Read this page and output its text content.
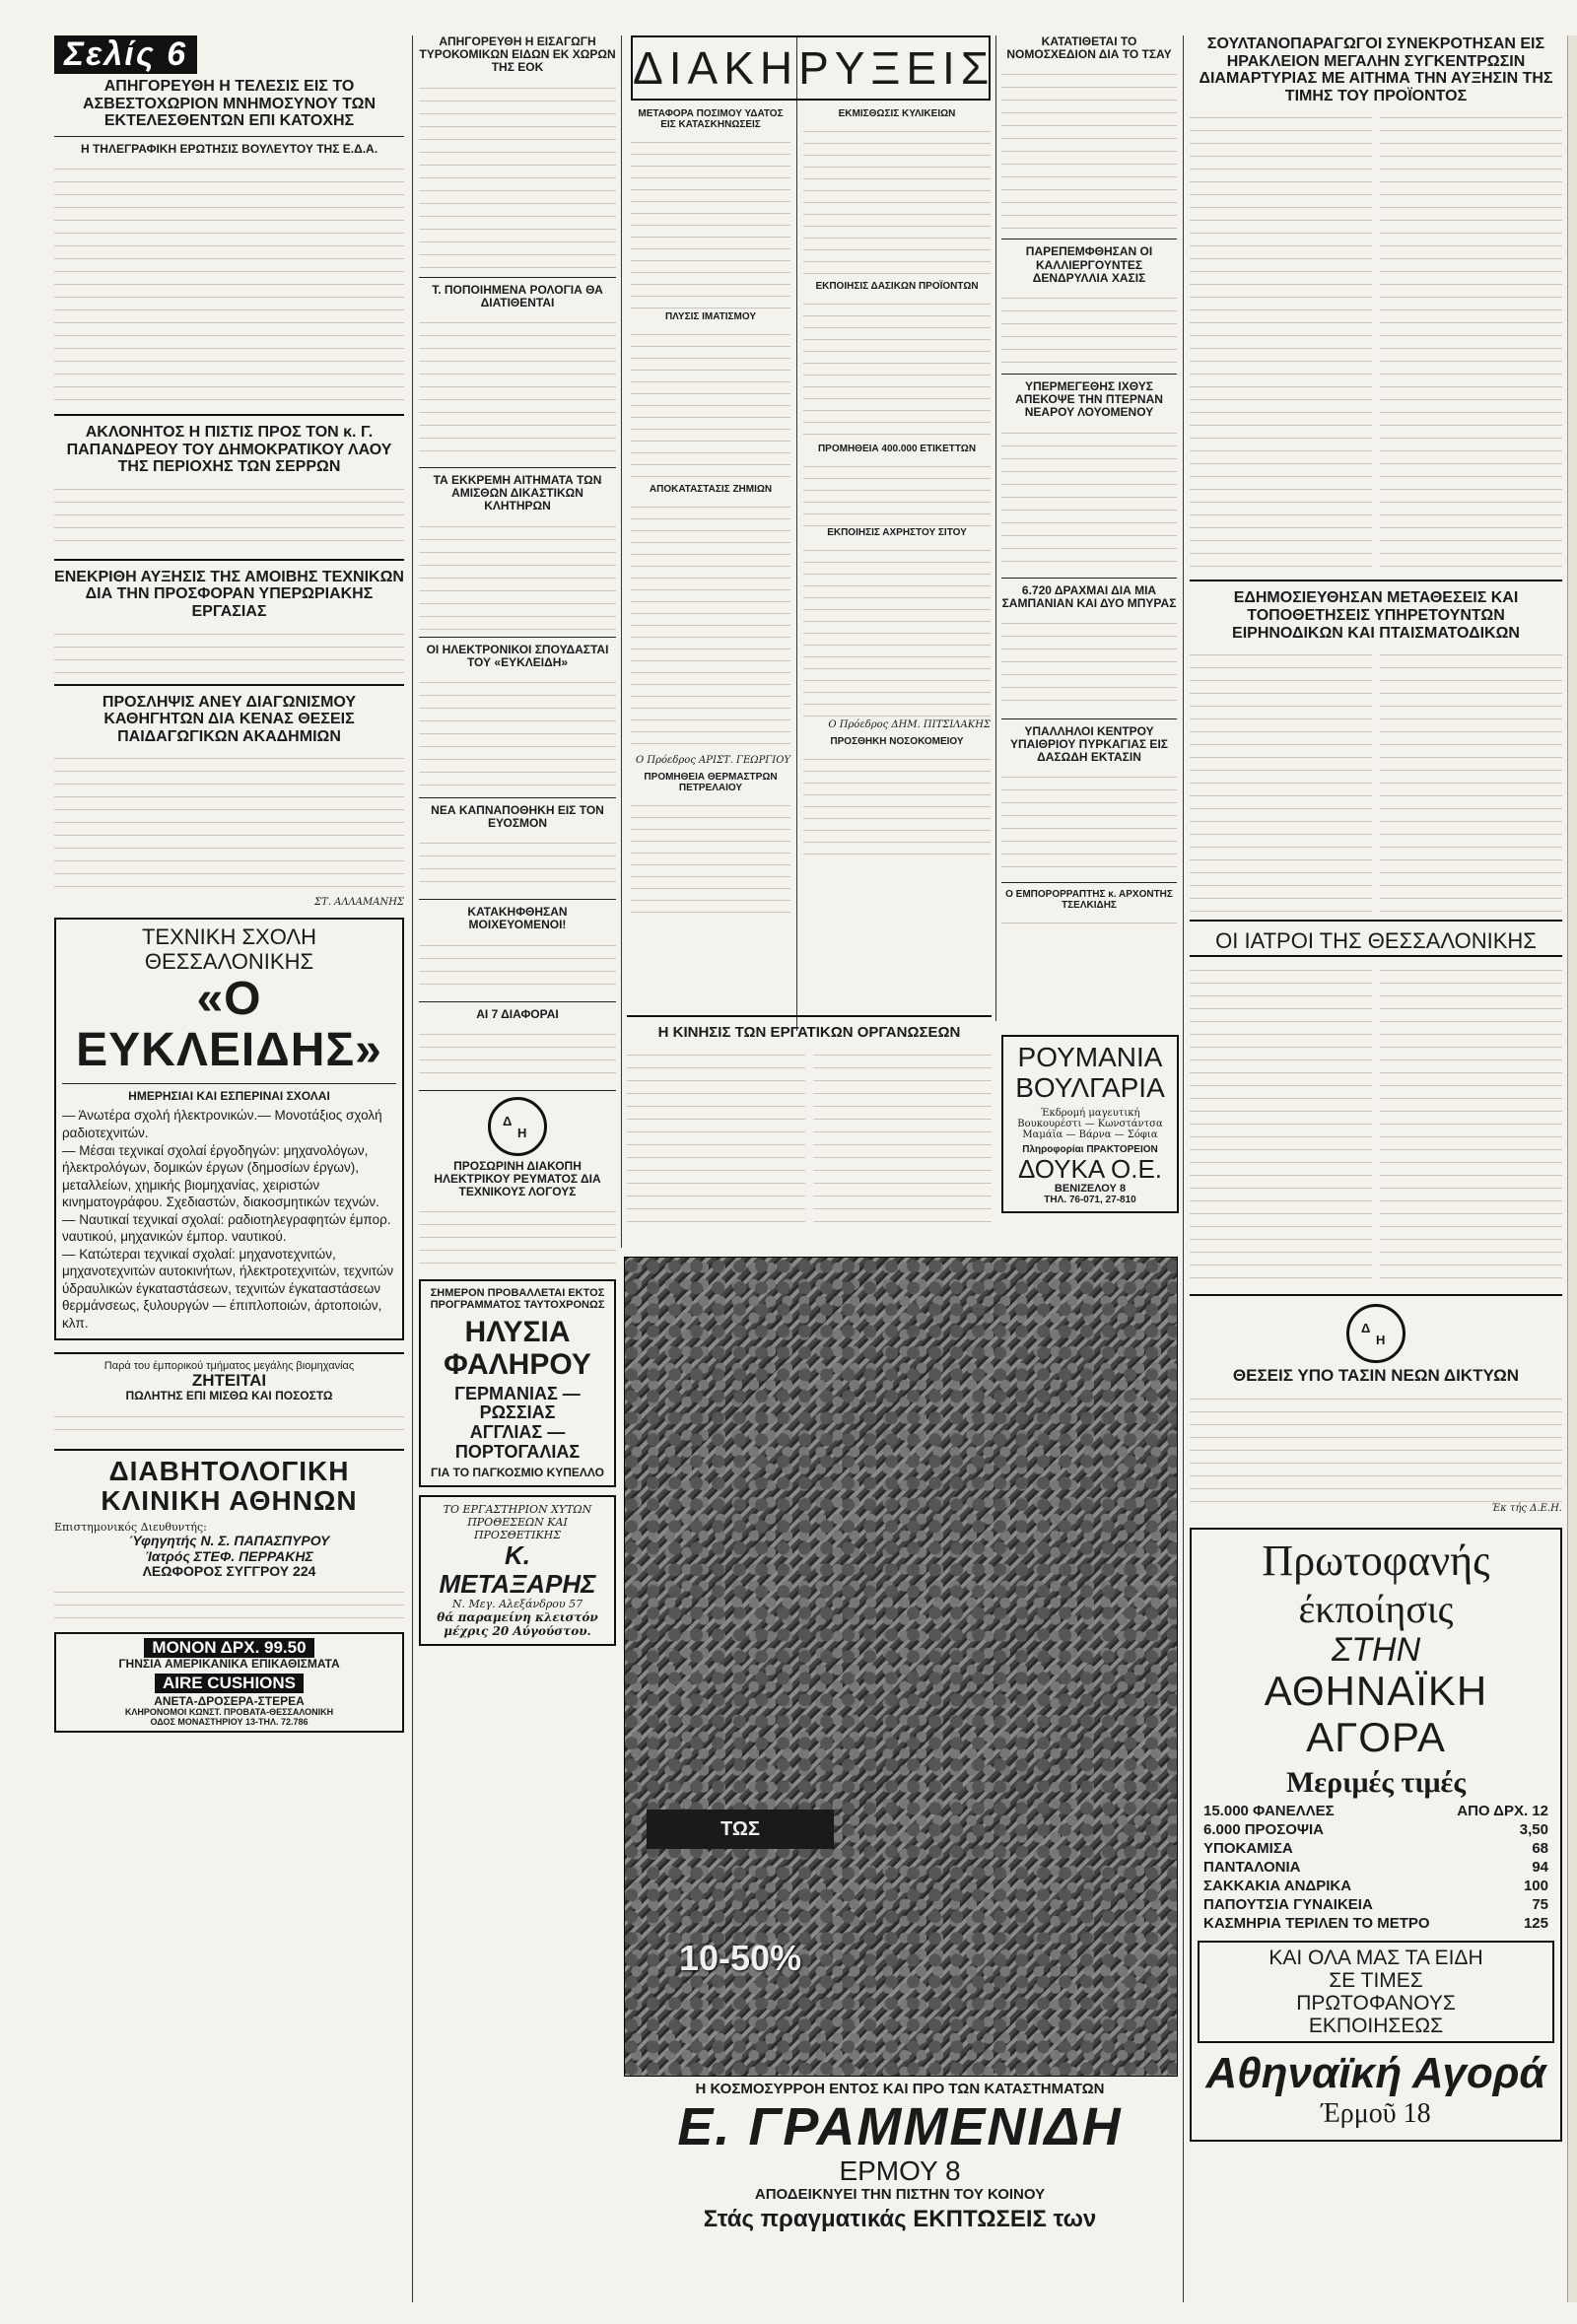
Σελίς 6
ΑΠΗΓΟΡΕΥΘΗ Η ΤΕΛΕΣΙΣ ΕΙΣ ΤΟ ΑΣΒΕΣΤΟΧΩΡΙΟΝ ΜΝΗΜΟΣΥΝΟΥ ΤΩΝ ΕΚΤΕΛΕΣΘΕΝΤΩΝ ΕΠΙ ΚΑΤΟΧΗΣ
Η ΤΗΛΕΓΡΑΦΙΚΗ ΕΡΩΤΗΣΙΣ ΒΟΥΛΕΥΤΟΥ ΤΗΣ Ε.Δ.Α.
ΑΚΛΟΝΗΤΟΣ Η ΠΙΣΤΙΣ ΠΡΟΣ ΤΟΝ κ. Γ. ΠΑΠΑΝΔΡΕΟΥ ΤΟΥ ΔΗΜΟΚΡΑΤΙΚΟΥ ΛΑΟΥ ΤΗΣ ΠΕΡΙΟΧΗΣ ΤΩΝ ΣΕΡΡΩΝ
ΕΝΕΚΡΙΘΗ ΑΥΞΗΣΙΣ ΤΗΣ ΑΜΟΙΒΗΣ ΤΕΧΝΙΚΩΝ ΔΙΑ ΤΗΝ ΠΡΟΣΦΟΡΑΝ ΥΠΕΡΩΡΙΑΚΗΣ ΕΡΓΑΣΙΑΣ
ΠΡΟΣΛΗΨΙΣ ΑΝΕΥ ΔΙΑΓΩΝΙΣΜΟΥ ΚΑΘΗΓΗΤΩΝ ΔΙΑ ΚΕΝΑΣ ΘΕΣΕΙΣ ΠΑΙΔΑΓΩΓΙΚΩΝ ΑΚΑΔΗΜΙΩΝ
ΣΤ. ΑΛΛΑΜΑΝΗΣ
ΤΕΧΝΙΚΗ ΣΧΟΛΗ ΘΕΣΣΑΛΟΝΙΚΗΣ
«Ο ΕΥΚΛΕΙΔΗΣ»
ΗΜΕΡΗΣΙΑΙ ΚΑΙ ΕΣΠΕΡΙΝΑΙ ΣΧΟΛΑΙ

— Άνωτέρα σχολή ήλεκτρονικών.— Μονοτάξιος σχολή ραδιοτεχνιτών.

— Μέσαι τεχνικαί σχολαί έργοδηγών: μηχανολόγων, ήλεκτρολόγων, δομικών έργων (δημοσίων έργων), μεταλλείων, χημικής βιομηχανίας, χειριστών κινηματογράφου. Σχεδιαστών, διακοσμητικών τεχνών.

— Ναυτικαί τεχνικαί σχολαί: ραδιοτηλεγραφητών έμπορ. ναυτικού, μηχανικών έμπορ. ναυτικού.

— Κατώτεραι τεχνικαί σχολαί: μηχανοτεχνιτών, μηχανοτεχνιτών αυτοκινήτων, ήλεκτροτεχνιτών, τεχνιτών ύδραυλικών έγκαταστάσεων, τεχνιτών έγκαταστάσεων θερμάνσεως, ξυλουργών — έπιπλοποιών, άρτοποιών, κλπ.

Παρά του έμπορικού τμήματος μεγάλης βιομηχανίας
ΖΗΤΕΙΤΑΙ
ΠΩΛΗΤΗΣ ΕΠΙ ΜΙΣΘΩ ΚΑΙ ΠΟΣΟΣΤΩ
ΔΙΑΒΗΤΟΛΟΓΙΚΗ ΚΛΙΝΙΚΗ ΑΘΗΝΩΝ
Επιστημονικός Διευθυντής:
Ύφηγητής Ν. Σ. ΠΑΠΑΣΠΥΡΟΥ
Ίατρός ΣΤΕΦ. ΠΕΡΡΑΚΗΣ
ΛΕΩΦΟΡΟΣ ΣΥΓΓΡΟΥ 224
ΜΟΝΟΝ ΔΡΧ. 99.50
ΓΗΝΣΙΑ ΑΜΕΡΙΚΑΝΙΚΑ ΕΠΙΚΑΘΙΣΜΑΤΑ
AIRE CUSHIONS
ΑΝΕΤΑ-ΔΡΟΣΕΡΑ-ΣΤΕΡΕΑ
ΚΛΗΡΟΝΟΜΟΙ ΚΩΝΣΤ. ΠΡΟΒΑΤΑ-ΘΕΣΣΑΛΟΝΙΚΗ
ΟΔΟΣ ΜΟΝΑΣΤΗΡΙΟΥ 13-ΤΗΛ. 72.786
ΑΠΗΓΟΡΕΥΘΗ Η ΕΙΣΑΓΩΓΗ ΤΥΡΟΚΟΜΙΚΩΝ ΕΙΔΩΝ ΕΚ ΧΩΡΩΝ ΤΗΣ ΕΟΚ
Τ. ΠΟΠΟΙΗΜΕΝΑ ΡΟΛΟΓΙΑ ΘΑ ΔΙΑΤΙΘΕΝΤΑΙ
ΤΑ ΕΚΚΡΕΜΗ ΑΙΤΗΜΑΤΑ ΤΩΝ ΑΜΙΣΘΩΝ ΔΙΚΑΣΤΙΚΩΝ ΚΛΗΤΗΡΩΝ
ΟΙ ΗΛΕΚΤΡΟΝΙΚΟΙ ΣΠΟΥΔΑΣΤΑΙ ΤΟΥ «ΕΥΚΛΕΙΔΗ»
ΝΕΑ ΚΑΠΝΑΠΟΘΗΚΗ ΕΙΣ ΤΟΝ ΕΥΟΣΜΟΝ
ΚΑΤΑΚΗΦΘΗΣΑΝ ΜΟΙΧΕΥΟΜΕΝΟΙ!
ΑΙ 7 ΔΙΑΦΟΡΑΙ
Δ
Η
ΠΡΟΣΩΡΙΝΗ ΔΙΑΚΟΠΗ ΗΛΕΚΤΡΙΚΟΥ ΡΕΥΜΑΤΟΣ ΔΙΑ ΤΕΧΝΙΚΟΥΣ ΛΟΓΟΥΣ
ΣΗΜΕΡΟΝ ΠΡΟΒΑΛΛΕΤΑΙ ΕΚΤΟΣ ΠΡΟΓΡΑΜΜΑΤΟΣ ΤΑΥΤΟΧΡΟΝΩΣ
ΗΛΥΣΙΑ ΦΑΛΗΡΟΥ
ΓΕΡΜΑΝΙΑΣ — ΡΩΣΣΙΑΣ
ΑΓΓΛΙΑΣ — ΠΟΡΤΟΓΑΛΙΑΣ
ΓΙΑ ΤΟ ΠΑΓΚΟΣΜΙΟ ΚΥΠΕΛΛΟ
ΤΟ ΕΡΓΑΣΤΗΡΙΟΝ ΧΥΤΩΝ ΠΡΟΘΕΣΕΩΝ ΚΑΙ ΠΡΟΣΘΕΤΙΚΗΣ
Κ. ΜΕΤΑΞΑΡΗΣ
Ν. Μεγ. Αλεξάνδρου 57
θά παραμείνη κλειστόν μέχρις 20 Αύγούστου.
ΔΙΑΚΗΡΥΞΕΙΣ
ΜΕΤΑΦΟΡΑ ΠΟΣΙΜΟΥ ΥΔΑΤΟΣ ΕΙΣ ΚΑΤΑΣΚΗΝΩΣΕΙΣ
ΠΛΥΣΙΣ ΙΜΑΤΙΣΜΟΥ
ΑΠΟΚΑΤΑΣΤΑΣΙΣ ΖΗΜΙΩΝ
Ο Πρόεδρος ΑΡΙΣΤ. ΓΕΩΡΓΙΟΥ
ΠΡΟΜΗΘΕΙΑ ΘΕΡΜΑΣΤΡΩΝ ΠΕΤΡΕΛΑΙΟΥ
ΕΚΜΙΣΘΩΣΙΣ ΚΥΛΙΚΕΙΩΝ
ΕΚΠΟΙΗΣΙΣ ΔΑΣΙΚΩΝ ΠΡΟΪΟΝΤΩΝ
ΠΡΟΜΗΘΕΙΑ 400.000 ΕΤΙΚΕΤΤΩΝ
ΕΚΠΟΙΗΣΙΣ ΑΧΡΗΣΤΟΥ ΣΙΤΟΥ
Ο Πρόεδρος ΔΗΜ. ΠΙΤΣΙΛΑΚΗΣ
ΠΡΟΣΘΗΚΗ ΝΟΣΟΚΟΜΕΙΟΥ
ΚΑΤΑΤΙΘΕΤΑΙ ΤΟ ΝΟΜΟΣΧΕΔΙΟΝ ΔΙΑ ΤΟ ΤΣΑΥ
ΠΑΡΕΠΕΜΦΘΗΣΑΝ ΟΙ ΚΑΛΛΙΕΡΓΟΥΝΤΕΣ ΔΕΝΔΡΥΛΛΙΑ ΧΑΣΙΣ
ΥΠΕΡΜΕΓΕΘΗΣ ΙΧΘΥΣ ΑΠΕΚΟΨΕ ΤΗΝ ΠΤΕΡΝΑΝ ΝΕΑΡΟΥ ΛΟΥΟΜΕΝΟΥ
6.720 ΔΡΑΧΜΑΙ ΔΙΑ ΜΙΑ ΣΑΜΠΑΝΙΑΝ ΚΑΙ ΔΥΟ ΜΠΥΡΑΣ
ΥΠΑΛΛΗΛΟΙ ΚΕΝΤΡΟΥ ΥΠΑΙΘΡΙΟΥ ΠΥΡΚΑΓΙΑΣ ΕΙΣ ΔΑΣΩΔΗ ΕΚΤΑΣΙΝ
Ο ΕΜΠΟΡΟΡΡΑΠΤΗΣ κ. ΑΡΧΟΝΤΗΣ ΤΣΕΛΚΙΔΗΣ
Η ΚΙΝΗΣΙΣ ΤΩΝ ΕΡΓΑΤΙΚΩΝ ΟΡΓΑΝΩΣΕΩΝ
ΡΟΥΜΑΝΙΑ
ΒΟΥΛΓΑΡΙΑ
Έκδρομή μαγευτική Βουκουρέστι — Κωνστάντσα Μαμάϊα — Βάρνα — Σόφια
Πληροφορίαι ΠΡΑΚΤΟΡΕΙΟΝ
ΔΟΥΚΑ Ο.Ε.
ΒΕΝΙΖΕΛΟΥ 8
ΤΗΛ. 76-071, 27-810
ΤΩΣ
10-50%
Η ΚΟΣΜΟΣΥΡΡΟΗ ΕΝΤΟΣ ΚΑΙ ΠΡΟ ΤΩΝ ΚΑΤΑΣΤΗΜΑΤΩΝ
Ε. ΓΡΑΜΜΕΝΙΔΗ
ΕΡΜΟΥ 8
ΑΠΟΔΕΙΚΝΥΕΙ ΤΗΝ ΠΙΣΤΗΝ ΤΟΥ ΚΟΙΝΟΥ
Στάς πραγματικάς ΕΚΠΤΩΣΕΙΣ των
ΣΟΥΛΤΑΝΟΠΑΡΑΓΩΓΟΙ ΣΥΝΕΚΡΟΤΗΣΑΝ ΕΙΣ ΗΡΑΚΛΕΙΟΝ ΜΕΓΑΛΗΝ ΣΥΓΚΕΝΤΡΩΣΙΝ ΔΙΑΜΑΡΤΥΡΙΑΣ ΜΕ ΑΙΤΗΜΑ ΤΗΝ ΑΥΞΗΣΙΝ ΤΗΣ ΤΙΜΗΣ ΤΟΥ ΠΡΟΪΟΝΤΟΣ
ΕΔΗΜΟΣΙΕΥΘΗΣΑΝ ΜΕΤΑΘΕΣΕΙΣ ΚΑΙ ΤΟΠΟΘΕΤΗΣΕΙΣ ΥΠΗΡΕΤΟΥΝΤΩΝ ΕΙΡΗΝΟΔΙΚΩΝ ΚΑΙ ΠΤΑΙΣΜΑΤΟΔΙΚΩΝ
ΟΙ ΙΑΤΡΟΙ ΤΗΣ ΘΕΣΣΑΛΟΝΙΚΗΣ
Δ
Η
ΘΕΣΕΙΣ ΥΠΟ ΤΑΣΙΝ ΝΕΩΝ ΔΙΚΤΥΩΝ
Έκ τής Δ.Ε.Η.
Πρωτοφανής
έκποίησις
ΣΤΗΝ
ΑΘΗΝΑΪΚΗ ΑΓΟΡΑ
Μεριμές τιμές
15.000 ΦΑΝΕΛΛΕΣ	ΑΠΟ ΔΡΧ. 12
6.000 ΠΡΟΣΟΨΙΑ	3,50
ΥΠΟΚΑΜΙΣΑ	68
ΠΑΝΤΑΛΟΝΙΑ	94
ΣΑΚΚΑΚΙΑ ΑΝΔΡΙΚΑ	100
ΠΑΠΟΥΤΣΙΑ ΓΥΝΑΙΚΕΙΑ	75
ΚΑΣΜΗΡΙΑ ΤΕΡΙΛΕΝ ΤΟ ΜΕΤΡΟ	125
ΚΑΙ ΟΛΑ ΜΑΣ ΤΑ ΕΙΔΗ
ΣΕ ΤΙΜΕΣ
ΠΡΩΤΟΦΑΝΟΥΣ
ΕΚΠΟΙΗΣΕΩΣ
Αθηναϊκή Αγορά
Έρμοῦ 18
